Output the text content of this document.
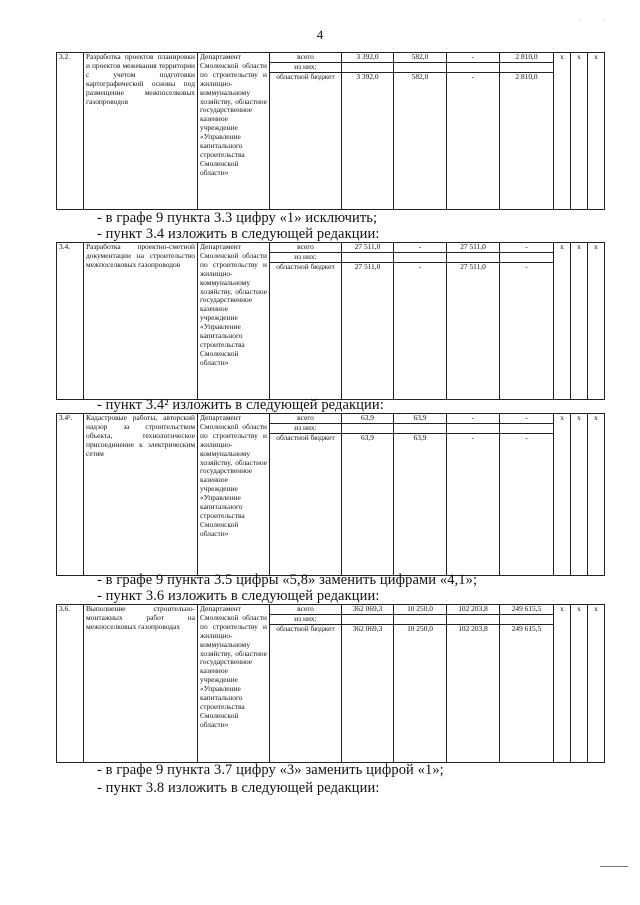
4
·	·
3.2.	Разработка проектов планировки и проектов межевания территории с учетом подготовки картографической основы под размещение межпоселковых газопроводов	Департамент Смоленской области по строительству и жилищно-коммунальному хозяйству, областное государственное казенное учреждение «Управление капитального строительства Смоленской области»	всего	3 392,0	582,0	-	2 810,0	x	x	x
			из них:							
			областной бюджет	3 392,0	582,0	-	2 810,0			
- в графе 9 пункта 3.3 цифру «1» исключить;
- пункт 3.4 изложить в следующей редакции:
3.4.	Разработка проектно-сметной документации на строительство межпоселковых газопроводов	Департамент Смоленской области по строительству и жилищно-коммунальному хозяйству, областное государственное казенное учреждение «Управление капитального строительства Смоленской области»	всего	27 511,0	-	27 511,0	-	x	x	x
			из них:							
			областной бюджет	27 511,0	-	27 511,0	-			
- пункт 3.4² изложить в следующей редакции:
3.4².	Кадастровые работы, авторский надзор за строительством объекта, технологическое присоединение к электрическим сетям	Департамент Смоленской области по строительству и жилищно-коммунальному хозяйству, областное государственное казенное учреждение «Управление капитального строительства Смоленской области»	всего	63,9	63,9	-	-	x	x	x
			из них:							
			областной бюджет	63,9	63,9	-	-			
- в графе 9 пункта 3.5 цифры «5,8» заменить цифрами «4,1»;
- пункт 3.6 изложить в следующей редакции:
3.6.	Выполнение строительно-монтажных работ на межпоселковых газопроводах	Департамент Смоленской области по строительству и жилищно-коммунальному хозяйству, областное государственное казенное учреждение «Управление капитального строительства Смоленской области»	всего	362 069,3	10 250,0	102 203,8	249 615,5	x	x	x
			из них:							
			областной бюджет	362 069,3	10 250,0	102 203,8	249 615,5			
- в графе 9 пункта 3.7 цифру «3» заменить цифрой «1»;
- пункт 3.8 изложить в следующей редакции:
